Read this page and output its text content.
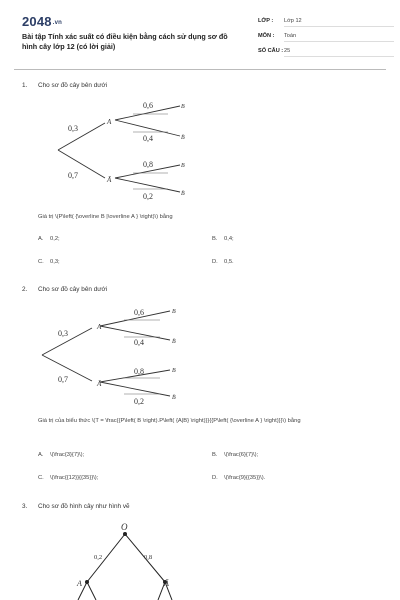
2048.vn
Bài tập Tính xác suất có điều kiện bằng cách sử dụng sơ đồ hình cây lớp 12 (có lời giải)
LỚP :	Lớp 12
MÔN :	Toán
SỐ CÂU : 25
1.	Cho sơ đồ cây bên dưới
0,3
0,7
0,6
0,4
0,8
0,2
A
Ā
B
B̄
B
B̄
Giá trị \(P\left( {\overline B |\overline A } \right)\) bằng
A. 0,2;	B. 0,4;
C. 0,3;	D. 0,5.
2.	Cho sơ đồ cây bên dưới
0,3
0,7
0,6
0,4
0,8
0,2
A
Ā
B
B̄
B
B̄
Giá trị của biểu thức \(T = \frac{{P\left( B \right).P\left( {A|B} \right)}}{{P\left( {\overline A } \right)}}\) bằng
A. \(\frac{3}{7}\);	B. \(\frac{6}{7}\);
C. \(\frac{{12}}{{35}}\);	D. \(\frac{9}{{35}}\).
3.	Cho sơ đồ hình cây như hình vẽ
O
0,2	0,8
A	Ā
